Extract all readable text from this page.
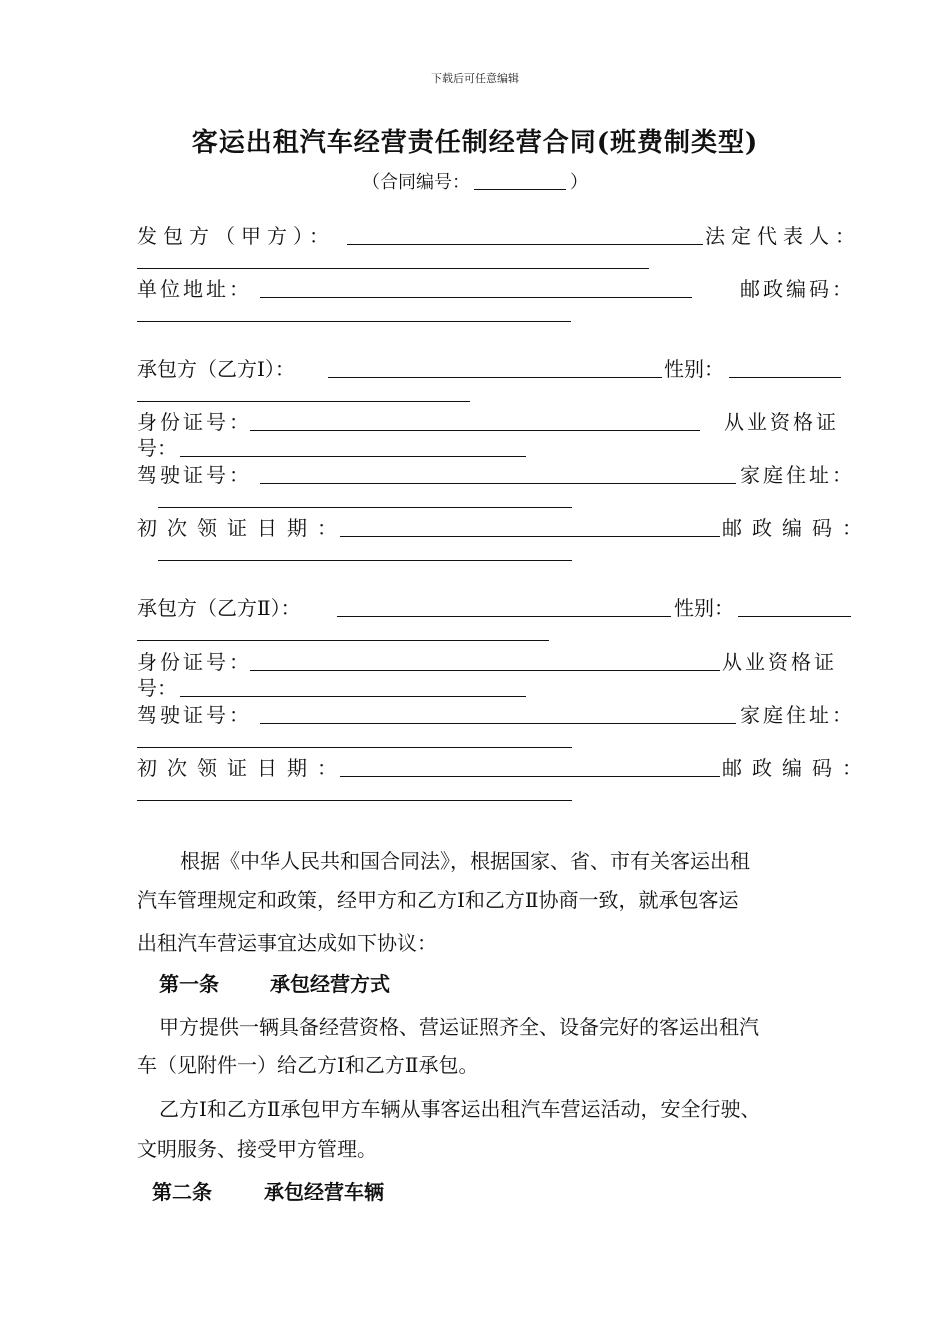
下载后可任意编辑
客运出租汽车经营责任制经营合同(班费制类型)
（合同编号：	）
发包方（甲方）：	法定代表人：
单位地址：	邮政编码：
承包方（乙方Ⅰ）：	性别：
身份证号：	从业资格证
号：
驾驶证号：	家庭住址：
初次领证日期：	邮政编码：
承包方（乙方Ⅱ）：	性别：
身份证号：	从业资格证
号：
驾驶证号：	家庭住址：
初次领证日期：	邮政编码：
根据《中华人民共和国合同法》，根据国家、省、市有关客运出租
汽车管理规定和政策，经甲方和乙方Ⅰ和乙方Ⅱ协商一致，就承包客运
出租汽车营运事宜达成如下协议：
第一条	承包经营方式
甲方提供一辆具备经营资格、营运证照齐全、设备完好的客运出租汽
车（见附件一）给乙方Ⅰ和乙方Ⅱ承包。
乙方Ⅰ和乙方Ⅱ承包甲方车辆从事客运出租汽车营运活动，安全行驶、
文明服务、接受甲方管理。
第二条	承包经营车辆
